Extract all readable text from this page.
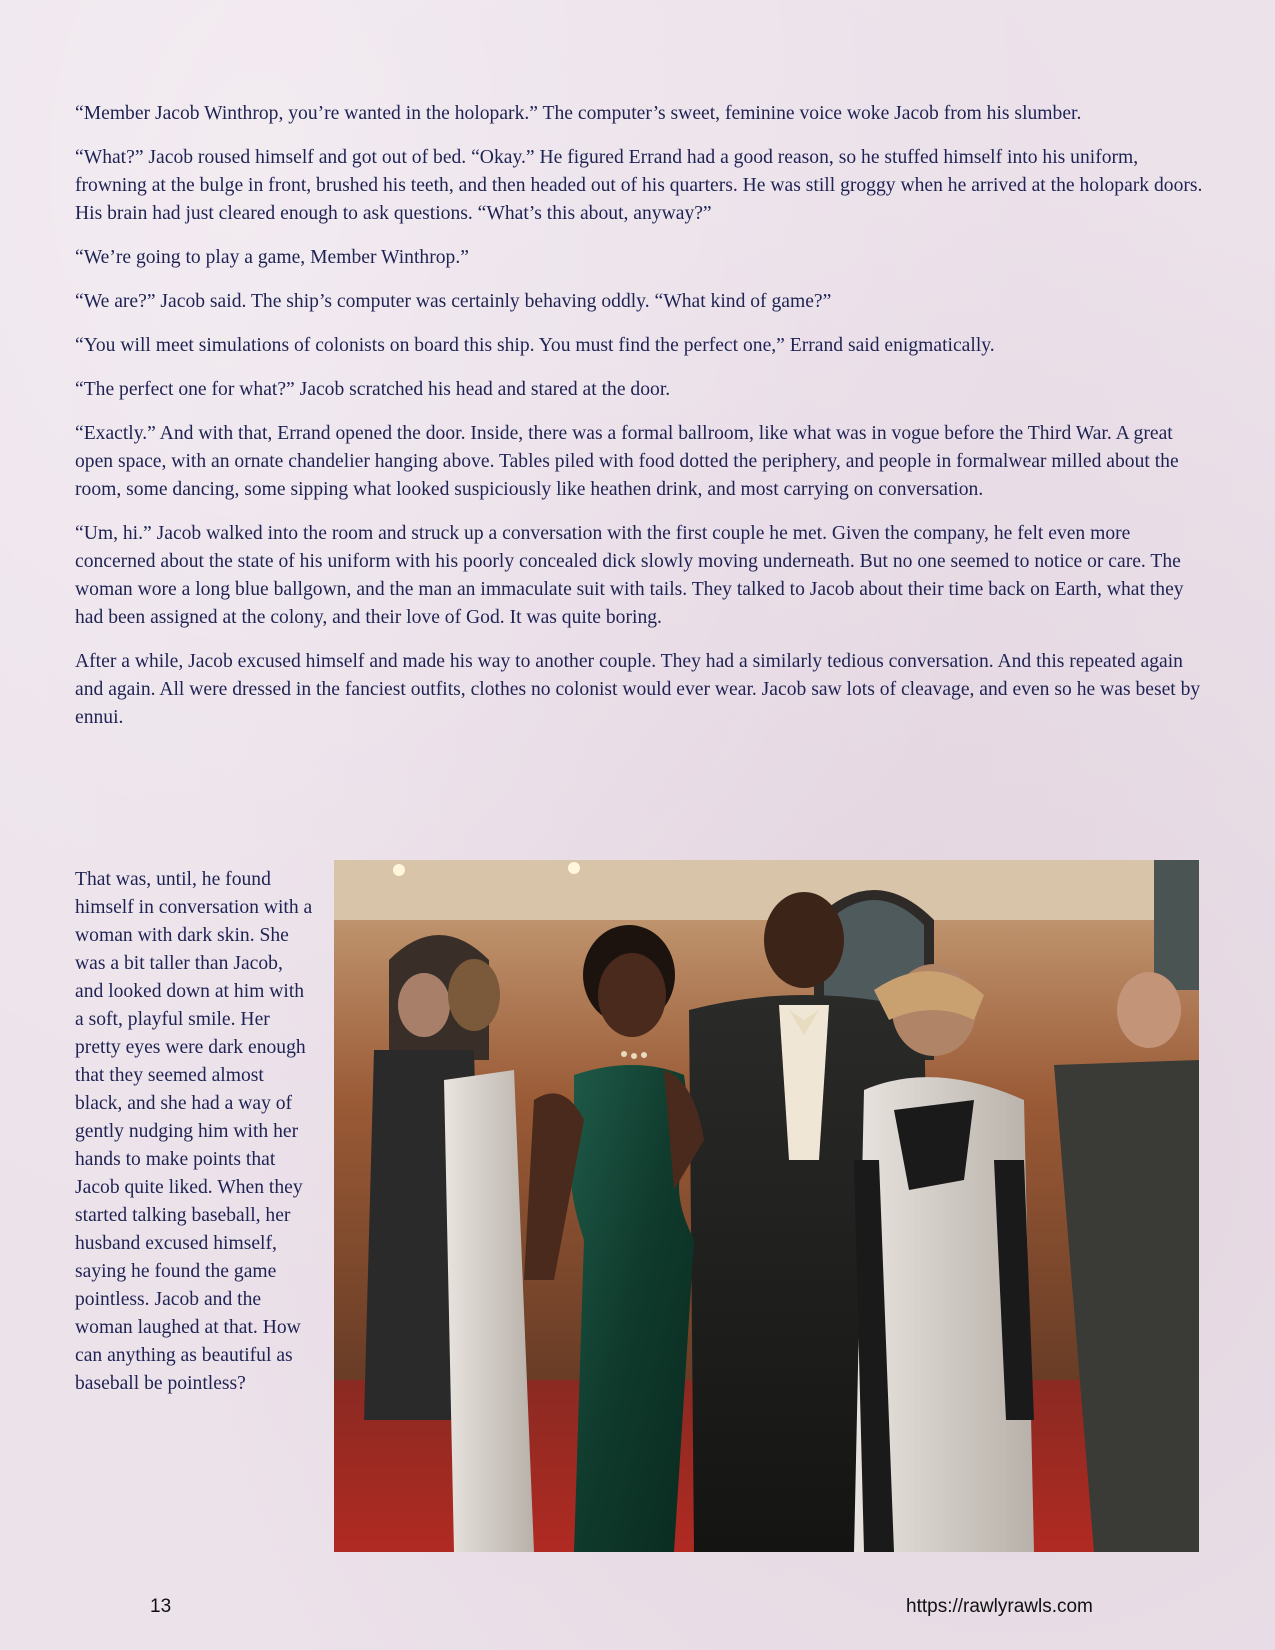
“Member Jacob Winthrop, you’re wanted in the holopark.” The computer’s sweet, feminine voice woke Jacob from his slumber.

“What?” Jacob roused himself and got out of bed. “Okay.” He figured Errand had a good reason, so he stuffed himself into his uniform, frowning at the bulge in front, brushed his teeth, and then headed out of his quarters. He was still groggy when he arrived at the holopark doors. His brain had just cleared enough to ask questions. “What’s this about, anyway?”

“We’re going to play a game, Member Winthrop.”

“We are?” Jacob said. The ship’s computer was certainly behaving oddly. “What kind of game?”

“You will meet simulations of colonists on board this ship. You must find the perfect one,” Errand said enigmatically.

“The perfect one for what?” Jacob scratched his head and stared at the door.

“Exactly.” And with that, Errand opened the door. Inside, there was a formal ballroom, like what was in vogue before the Third War. A great open space, with an ornate chandelier hanging above. Tables piled with food dotted the periphery, and people in formalwear milled about the room, some dancing, some sipping what looked suspiciously like heathen drink, and most carrying on conversation.

“Um, hi.” Jacob walked into the room and struck up a conversation with the first couple he met. Given the company, he felt even more concerned about the state of his uniform with his poorly concealed dick slowly moving underneath. But no one seemed to notice or care. The woman wore a long blue ballgown, and the man an immaculate suit with tails. They talked to Jacob about their time back on Earth, what they had been assigned at the colony, and their love of God. It was quite boring.

After a while, Jacob excused himself and made his way to another couple. They had a similarly tedious conversation. And this repeated again and again. All were dressed in the fanciest outfits, clothes no colonist would ever wear. Jacob saw lots of cleavage, and even so he was beset by ennui.

That was, until, he found himself in conversation with a woman with dark skin. She was a bit taller than Jacob, and looked down at him with a soft, playful smile. Her pretty eyes were dark enough that they seemed almost black, and she had a way of gently nudging him with her hands to make points that Jacob quite liked. When they started talking baseball, her husband excused himself, saying he found the game pointless. Jacob and the woman laughed at that. How can anything as beautiful as baseball be pointless?

13	https://rawlyrawls.com
